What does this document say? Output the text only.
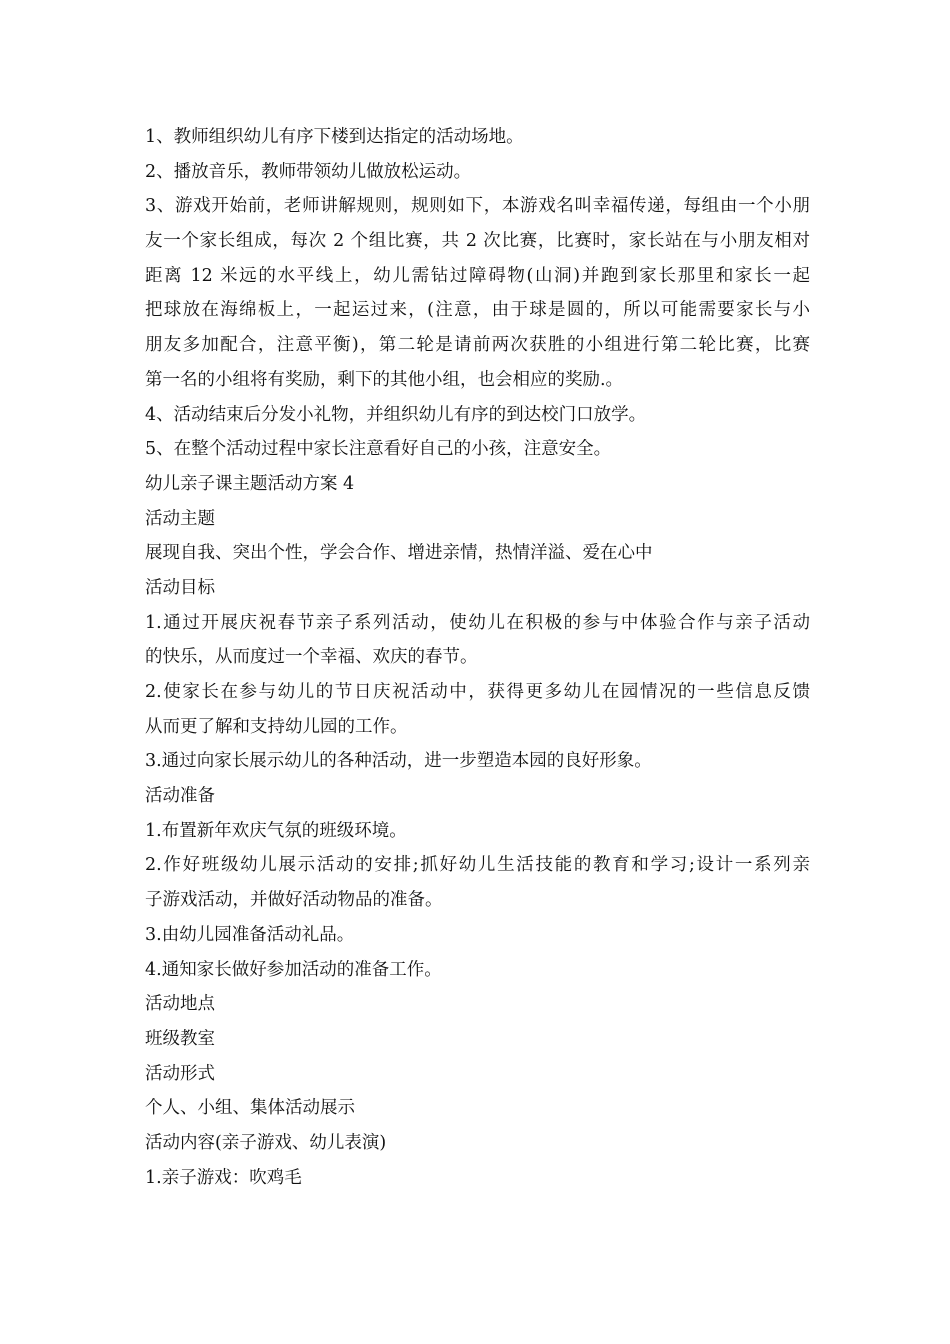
1、教师组织幼儿有序下楼到达指定的活动场地。
2、播放音乐，教师带领幼儿做放松运动。
3、游戏开始前，老师讲解规则，规则如下，本游戏名叫幸福传递，每组由一个小朋
友一个家长组成，每次 2 个组比赛，共 2 次比赛，比赛时，家长站在与小朋友相对
距离 12 米远的水平线上，幼儿需钻过障碍物(山洞)并跑到家长那里和家长一起
把球放在海绵板上，一起运过来，(注意，由于球是圆的，所以可能需要家长与小
朋友多加配合，注意平衡)，第二轮是请前两次获胜的小组进行第二轮比赛，比赛
第一名的小组将有奖励，剩下的其他小组，也会相应的奖励.。
4、活动结束后分发小礼物，并组织幼儿有序的到达校门口放学。
5、在整个活动过程中家长注意看好自己的小孩，注意安全。
幼儿亲子课主题活动方案 4
活动主题
展现自我、突出个性，学会合作、增进亲情，热情洋溢、爱在心中
活动目标
1.通过开展庆祝春节亲子系列活动，使幼儿在积极的参与中体验合作与亲子活动
的快乐，从而度过一个幸福、欢庆的春节。
2.使家长在参与幼儿的节日庆祝活动中，获得更多幼儿在园情况的一些信息反馈
从而更了解和支持幼儿园的工作。
3.通过向家长展示幼儿的各种活动，进一步塑造本园的良好形象。
活动准备
1.布置新年欢庆气氛的班级环境。
2.作好班级幼儿展示活动的安排;抓好幼儿生活技能的教育和学习;设计一系列亲
子游戏活动，并做好活动物品的准备。
3.由幼儿园准备活动礼品。
4.通知家长做好参加活动的准备工作。
活动地点
班级教室
活动形式
个人、小组、集体活动展示
活动内容(亲子游戏、幼儿表演)
1.亲子游戏：吹鸡毛
